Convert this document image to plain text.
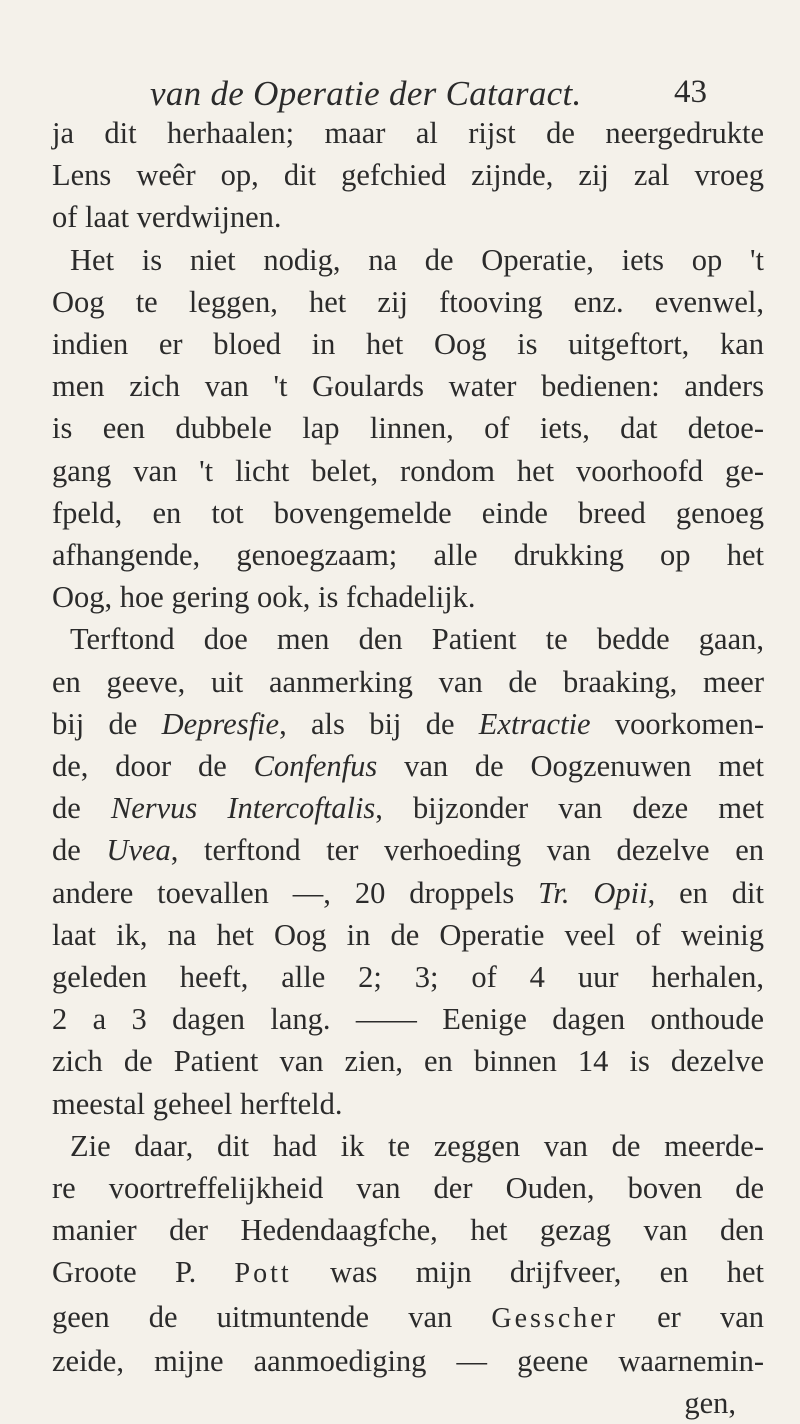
van de Operatie der Cataract.	43
ja dit herhaalen; maar al rijst de neergedrukte
Lens weêr op, dit gefchied zijnde, zij zal vroeg
of laat verdwijnen.
Het is niet nodig, na de Operatie, iets op 't
Oog te leggen, het zij ftooving enz. evenwel,
indien er bloed in het Oog is uitgeftort, kan
men zich van 't Goulards water bedienen: anders
is een dubbele lap linnen, of iets, dat detoe-
gang van 't licht belet, rondom het voorhoofd ge-
fpeld, en tot bovengemelde einde breed genoeg
afhangende, genoegzaam; alle drukking op het
Oog, hoe gering ook, is fchadelijk.
Terftond doe men den Patient te bedde gaan,
en geeve, uit aanmerking van de braaking, meer
bij de Depresfie, als bij de Extractie voorkomen-
de, door de Confenfus van de Oogzenuwen met
de Nervus Intercoftalis, bijzonder van deze met
de Uvea, terftond ter verhoeding van dezelve en
andere toevallen —, 20 droppels Tr. Opii, en dit
laat ik, na het Oog in de Operatie veel of weinig
geleden heeft, alle 2; 3; of 4 uur herhalen,
2 a 3 dagen lang. —— Eenige dagen onthoude
zich de Patient van zien, en binnen 14 is dezelve
meestal geheel herfteld.
Zie daar, dit had ik te zeggen van de meerde-
re voortreffelijkheid van der Ouden, boven de
manier der Hedendaagfche, het gezag van den
Groote P. Pott was mijn drijfveer, en het
geen de uitmuntende van Gesscher er van
zeide, mijne aanmoediging — geene waarnemin-
gen,
